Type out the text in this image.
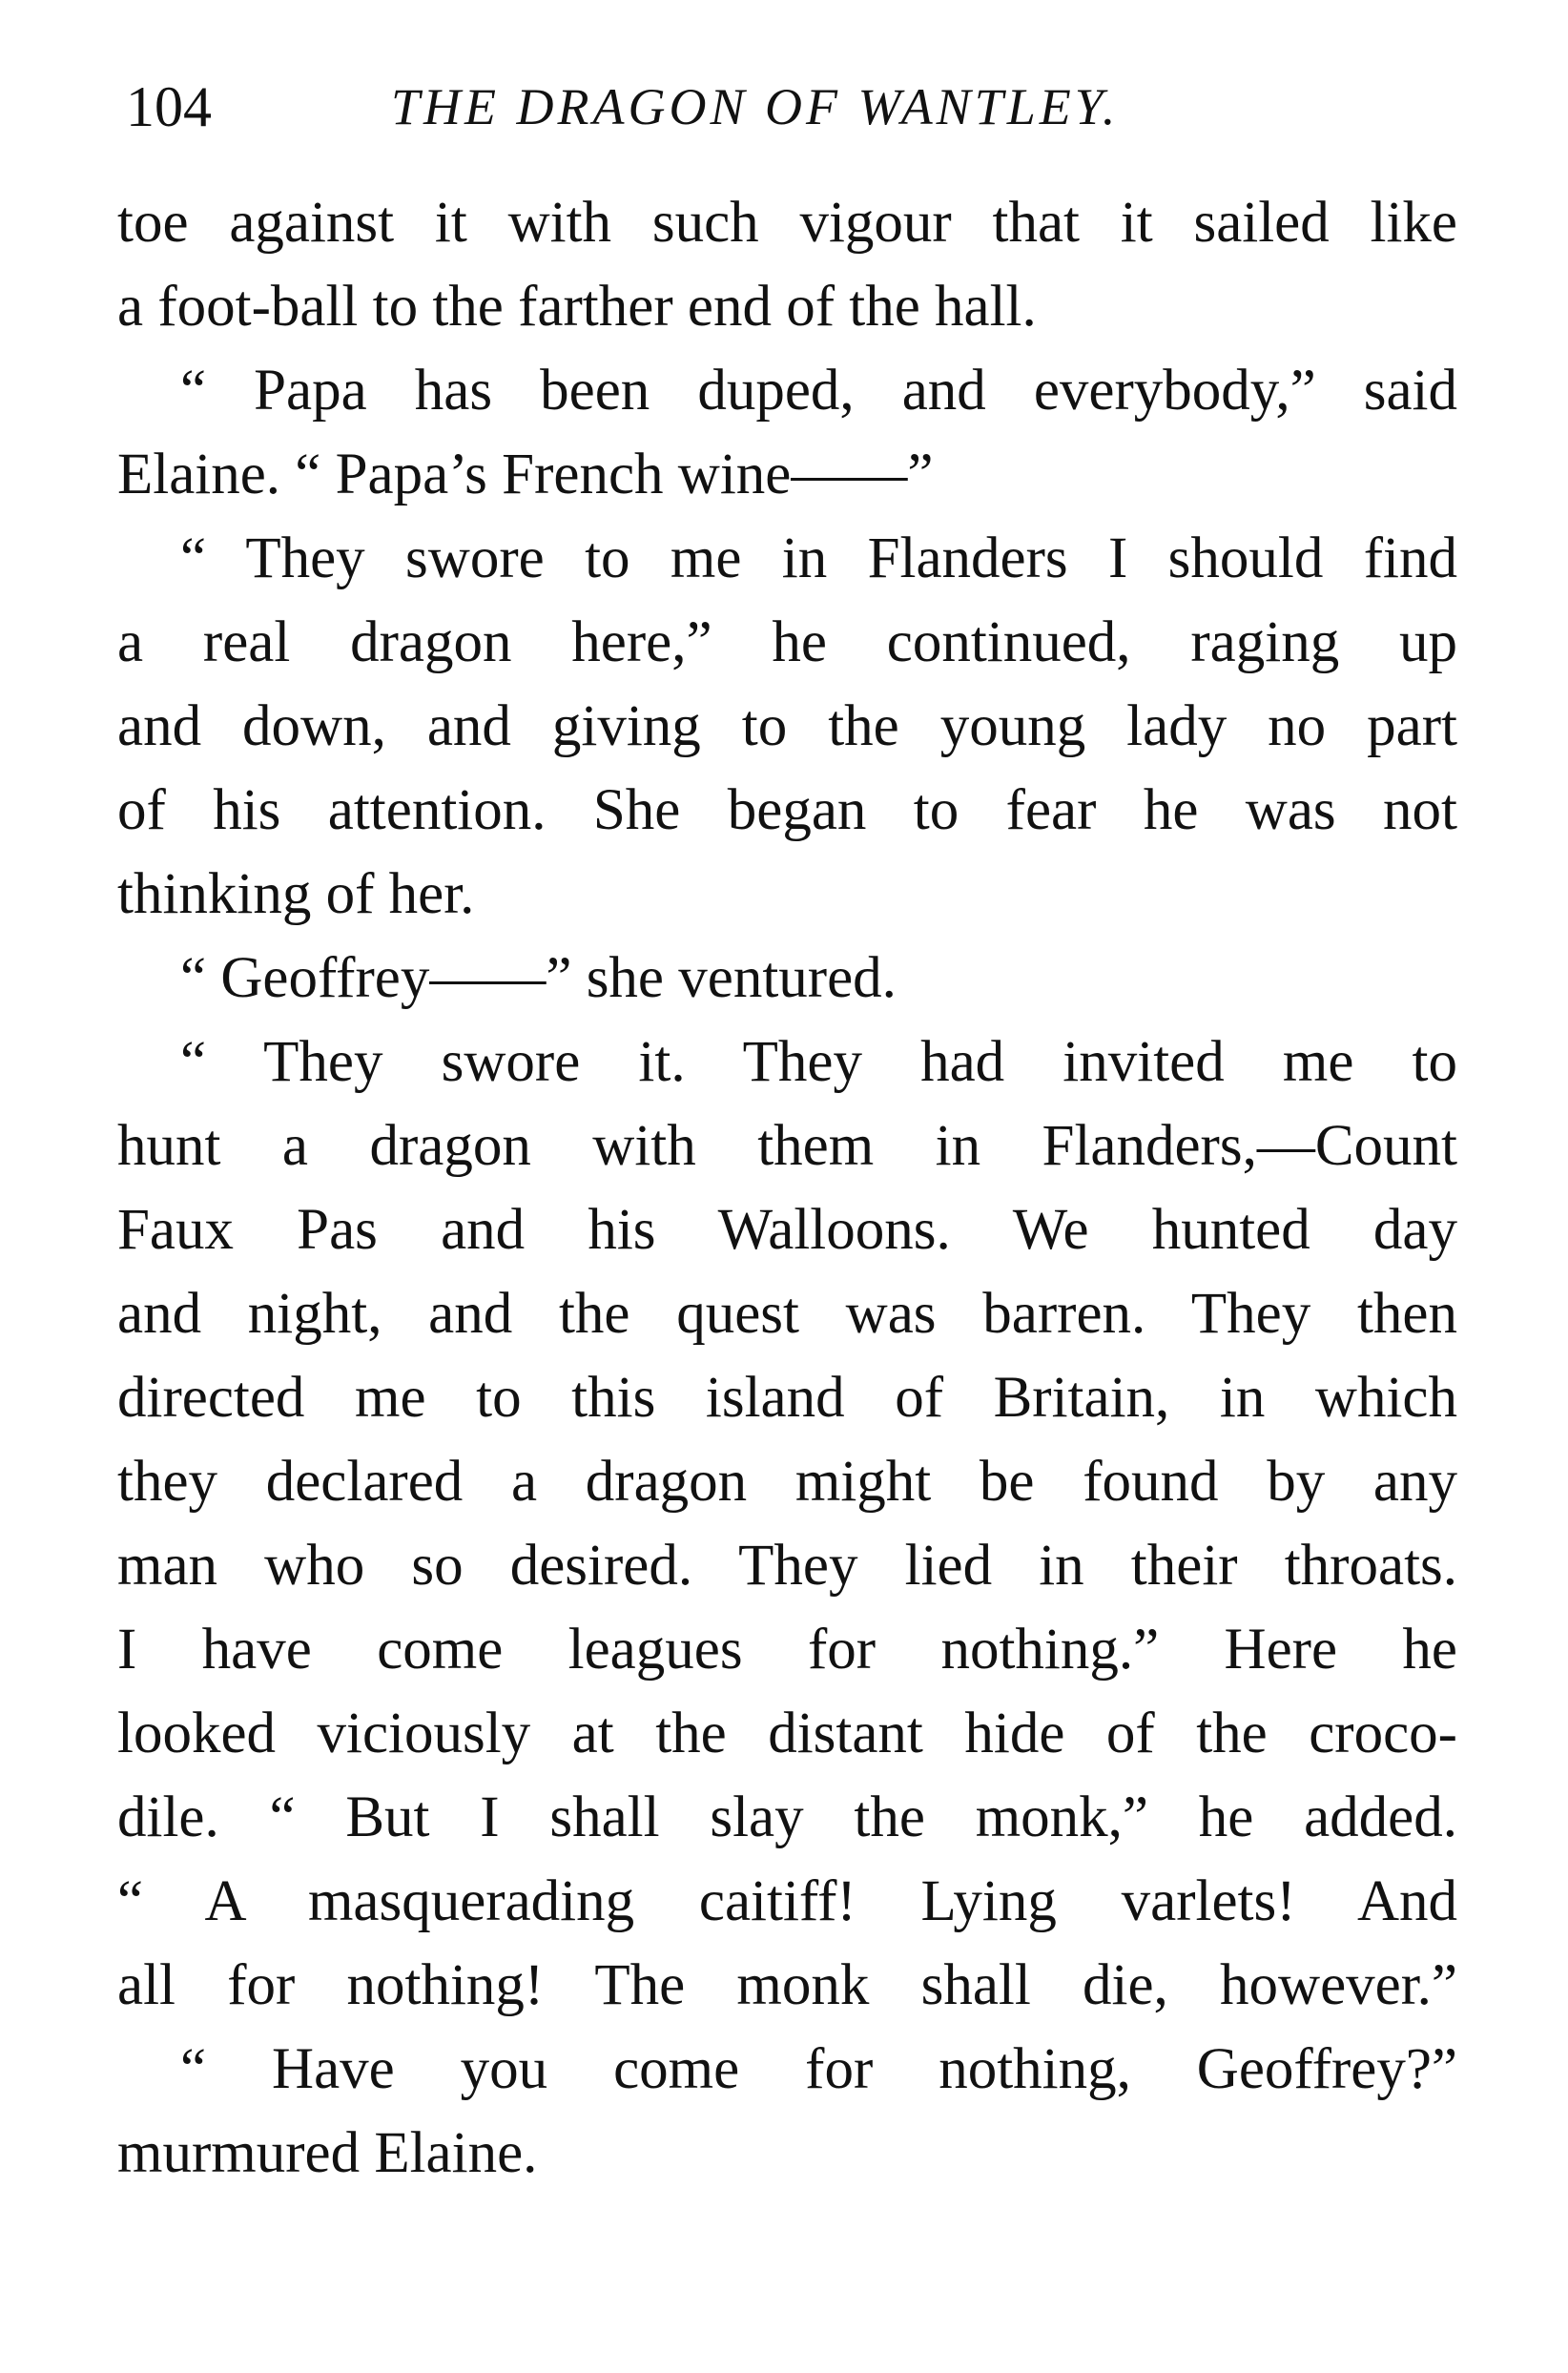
104	THE DRAGON OF WANTLEY.
toe against it with such vigour that it sailed like
a foot-ball to the farther end of the hall.
“ Papa has been duped, and everybody,” said
Elaine. “ Papa’s French wine——”
“ They swore to me in Flanders I should find
a real dragon here,” he continued, raging up
and down, and giving to the young lady no part
of his attention. She began to fear he was not
thinking of her.
“ Geoffrey——” she ventured.
“ They swore it. They had invited me to
hunt a dragon with them in Flanders,—Count
Faux Pas and his Walloons. We hunted day
and night, and the quest was barren. They then
directed me to this island of Britain, in which
they declared a dragon might be found by any
man who so desired. They lied in their throats.
I have come leagues for nothing.” Here he
looked viciously at the distant hide of the croco-
dile. “ But I shall slay the monk,” he added.
“ A masquerading caitiff! Lying varlets! And
all for nothing! The monk shall die, however.”
“ Have you come for nothing, Geoffrey?”
murmured Elaine.
